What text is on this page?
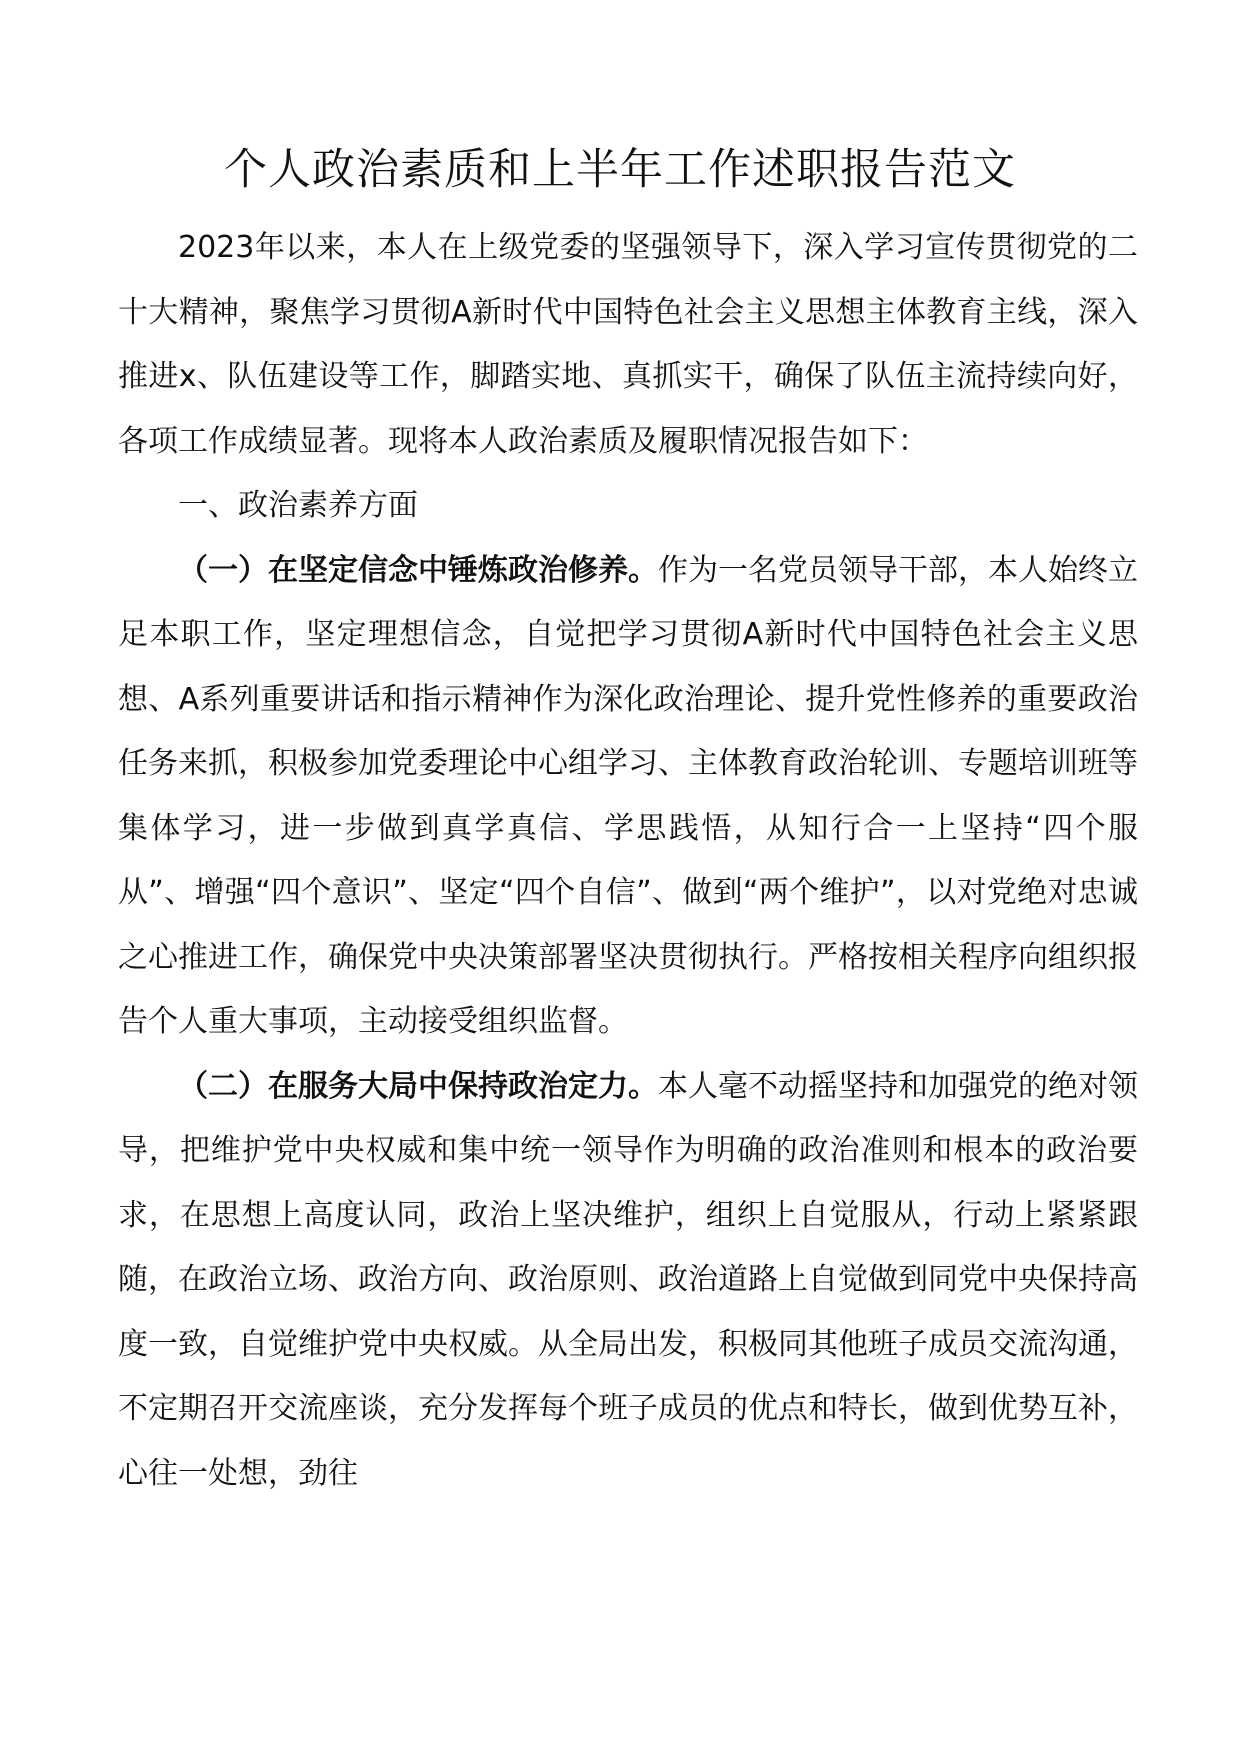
个人政治素质和上半年工作述职报告范文

2023年以来，本人在上级党委的坚强领导下，深入学习宣传贯彻党的二十大精神，聚焦学习贯彻A新时代中国特色社会主义思想主体教育主线，深入推进x、队伍建设等工作，脚踏实地、真抓实干，确保了队伍主流持续向好，各项工作成绩显著。现将本人政治素质及履职情况报告如下：

一、政治素养方面

（一）在坚定信念中锤炼政治修养。作为一名党员领导干部，本人始终立足本职工作，坚定理想信念，自觉把学习贯彻A新时代中国特色社会主义思想、A系列重要讲话和指示精神作为深化政治理论、提升党性修养的重要政治任务来抓，积极参加党委理论中心组学习、主体教育政治轮训、专题培训班等集体学习，进一步做到真学真信、学思践悟，从知行合一上坚持“四个服从”、增强“四个意识”、坚定“四个自信”、做到“两个维护”，以对党绝对忠诚之心推进工作，确保党中央决策部署坚决贯彻执行。严格按相关程序向组织报告个人重大事项，主动接受组织监督。

（二）在服务大局中保持政治定力。本人毫不动摇坚持和加强党的绝对领导，把维护党中央权威和集中统一领导作为明确的政治准则和根本的政治要求，在思想上高度认同，政治上坚决维护，组织上自觉服从，行动上紧紧跟随，在政治立场、政治方向、政治原则、政治道路上自觉做到同党中央保持高度一致，自觉维护党中央权威。从全局出发，积极同其他班子成员交流沟通，不定期召开交流座谈，充分发挥每个班子成员的优点和特长，做到优势互补，心往一处想，劲往
